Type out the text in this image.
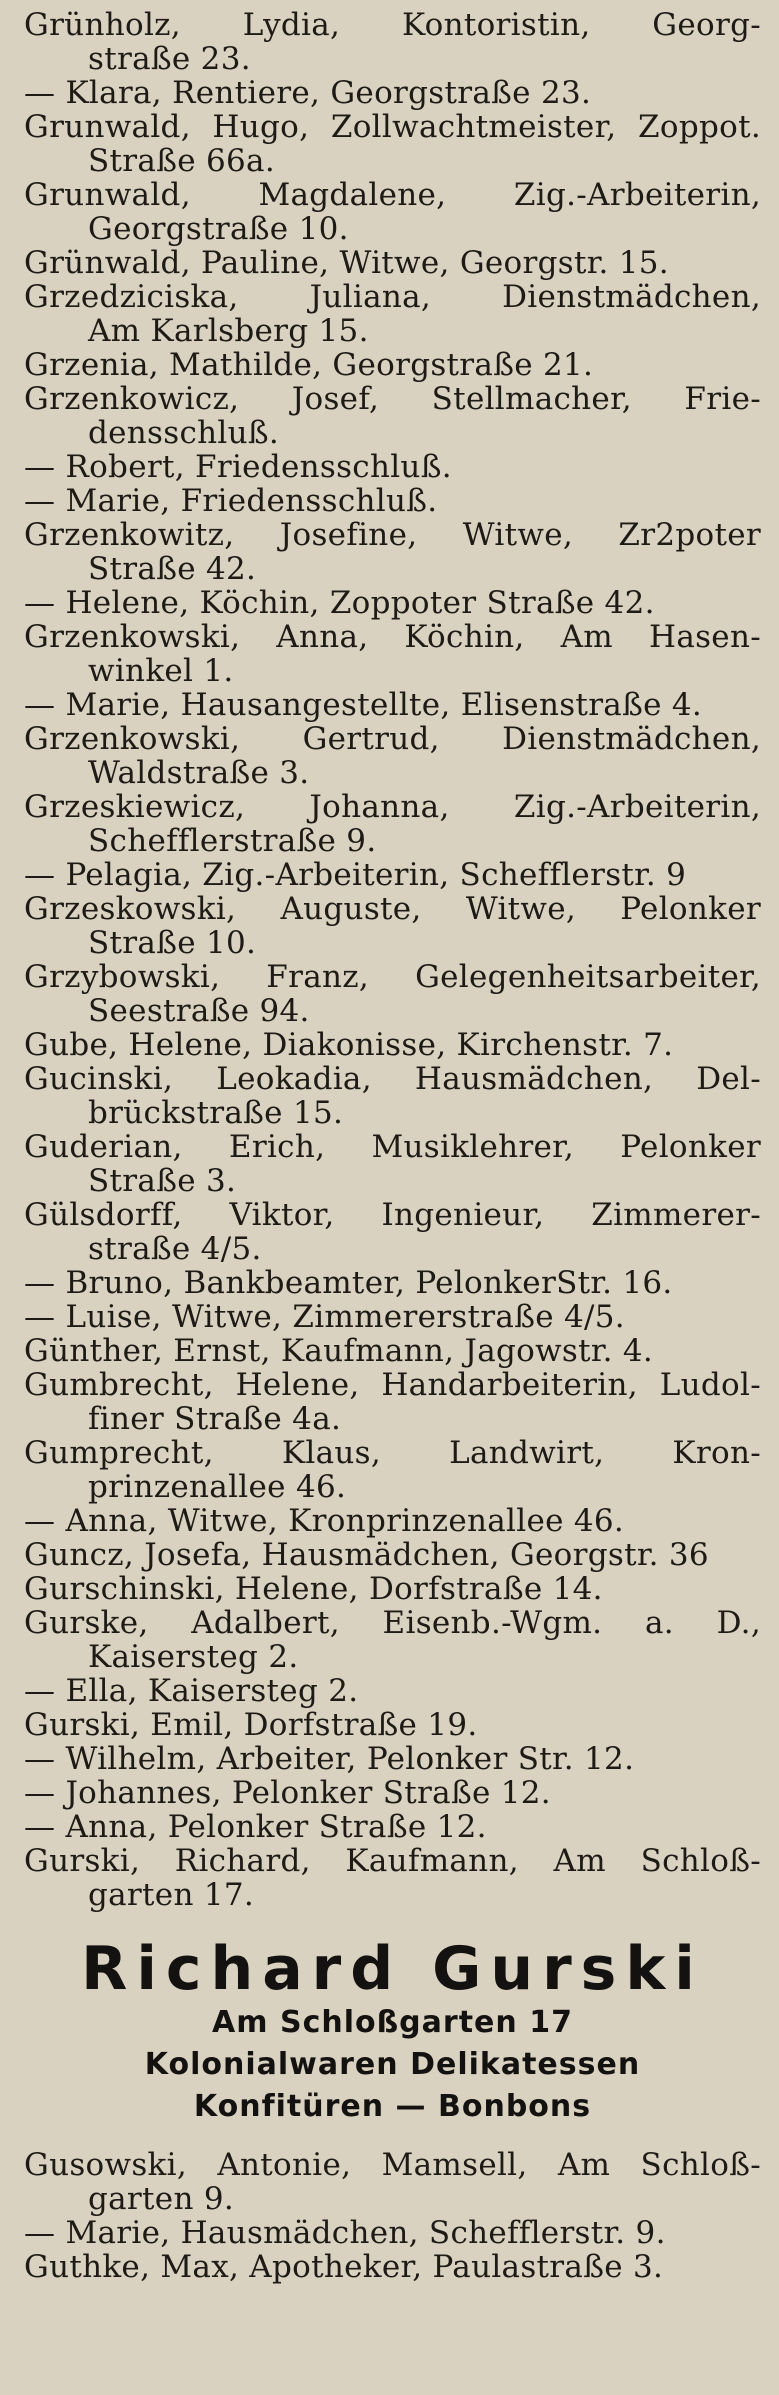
Grünholz, Lydia, Kontoristin, Georg-
straße 23.
— Klara, Rentiere, Georgstraße 23.
Grunwald, Hugo, Zollwachtmeister, Zoppot.
Straße 66a.
Grunwald, Magdalene, Zig.-Arbeiterin,
Georgstraße 10.
Grünwald, Pauline, Witwe, Georgstr. 15.
Grzedziciska, Juliana, Dienstmädchen,
Am Karlsberg 15.
Grzenia, Mathilde, Georgstraße 21.
Grzenkowicz, Josef, Stellmacher, Frie-
densschluß.
— Robert, Friedensschluß.
— Marie, Friedensschluß.
Grzenkowitz, Josefine, Witwe, Zr2poter
Straße 42.
— Helene, Köchin, Zoppoter Straße 42.
Grzenkowski, Anna, Köchin, Am Hasen-
winkel 1.
— Marie, Hausangestellte, Elisenstraße 4.
Grzenkowski, Gertrud, Dienstmädchen,
Waldstraße 3.
Grzeskiewicz, Johanna, Zig.-Arbeiterin,
Schefflerstraße 9.
— Pelagia, Zig.-Arbeiterin, Schefflerstr. 9
Grzeskowski, Auguste, Witwe, Pelonker
Straße 10.
Grzybowski, Franz, Gelegenheitsarbeiter,
Seestraße 94.
Gube, Helene, Diakonisse, Kirchenstr. 7.
Gucinski, Leokadia, Hausmädchen, Del-
brückstraße 15.
Guderian, Erich, Musiklehrer, Pelonker
Straße 3.
Gülsdorff, Viktor, Ingenieur, Zimmerer-
straße 4/5.
— Bruno, Bankbeamter, PelonkerStr. 16.
— Luise, Witwe, Zimmererstraße 4/5.
Günther, Ernst, Kaufmann, Jagowstr. 4.
Gumbrecht, Helene, Handarbeiterin, Ludol-
finer Straße 4a.
Gumprecht, Klaus, Landwirt, Kron-
prinzenallee 46.
— Anna, Witwe, Kronprinzenallee 46.
Guncz, Josefa, Hausmädchen, Georgstr. 36
Gurschinski, Helene, Dorfstraße 14.
Gurske, Adalbert, Eisenb.-Wgm. a. D.,
Kaisersteg 2.
— Ella, Kaisersteg 2.
Gurski, Emil, Dorfstraße 19.
— Wilhelm, Arbeiter, Pelonker Str. 12.
— Johannes, Pelonker Straße 12.
— Anna, Pelonker Straße 12.
Gurski, Richard, Kaufmann, Am Schloß-
garten 17.
Richard Gurski
Am Schloßgarten 17
Kolonialwaren Delikatessen
Konfitüren — Bonbons
Gusowski, Antonie, Mamsell, Am Schloß-
garten 9.
— Marie, Hausmädchen, Schefflerstr. 9.
Guthke, Max, Apotheker, Paulastraße 3.
